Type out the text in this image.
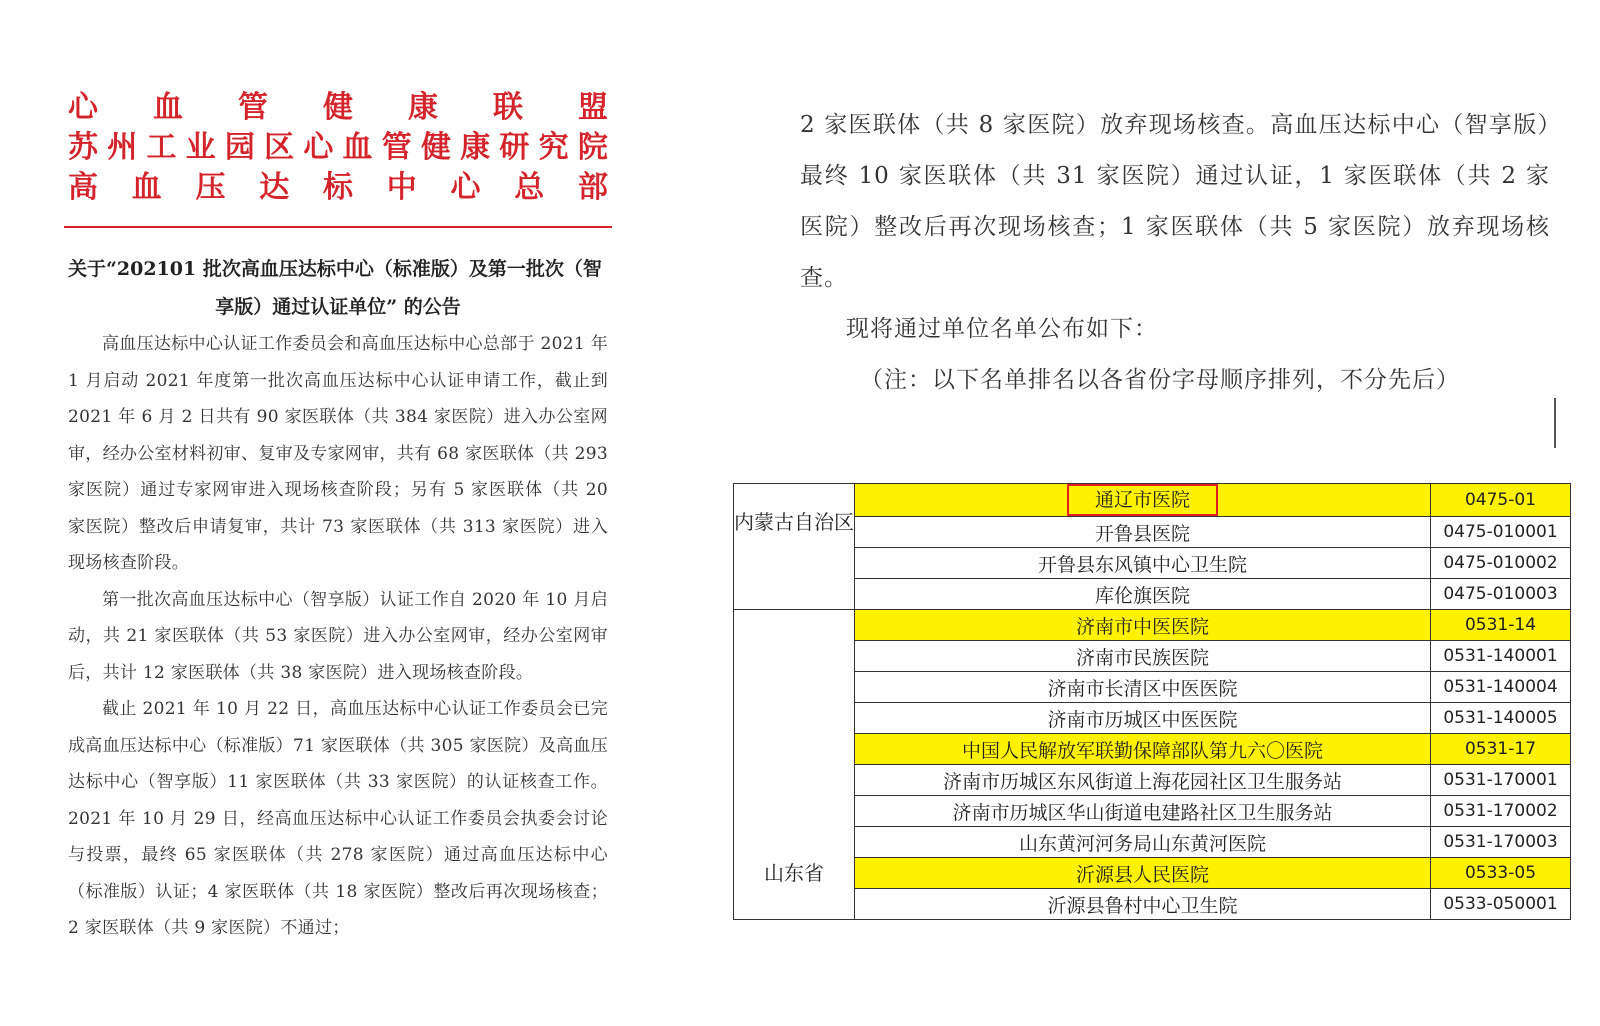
心 血 管 健 康 联 盟
苏 州 工 业 园 区 心 血 管 健 康 研 究 院
高 血 压 达 标 中 心 总 部
关于“202101 批次高血压达标中心（标准版）及第一批次（智
享版）通过认证单位” 的公告

高血压达标中心认证工作委员会和高血压达标中心总部于 2021 年 1 月启动 2021 年度第一批次高血压达标中心认证申请工作，截止到 2021 年 6 月 2 日共有 90 家医联体（共 384 家医院）进入办公室网审，经办公室材料初审、复审及专家网审，共有 68 家医联体（共 293 家医院）通过专家网审进入现场核查阶段；另有 5 家医联体（共 20 家医院）整改后申请复审，共计 73 家医联体（共 313 家医院）进入现场核查阶段。

第一批次高血压达标中心（智享版）认证工作自 2020 年 10 月启动，共 21 家医联体（共 53 家医院）进入办公室网审，经办公室网审后，共计 12 家医联体（共 38 家医院）进入现场核查阶段。

截止 2021 年 10 月 22 日，高血压达标中心认证工作委员会已完成高血压达标中心（标准版）71 家医联体（共 305 家医院）及高血压达标中心（智享版）11 家医联体（共 33 家医院）的认证核查工作。2021 年 10 月 29 日，经高血压达标中心认证工作委员会执委会讨论与投票，最终 65 家医联体（共 278 家医院）通过高血压达标中心（标准版）认证；4 家医联体（共 18 家医院）整改后再次现场核查；2 家医联体（共 9 家医院）不通过；

2 家医联体（共 8 家医院）放弃现场核查。高血压达标中心（智享版）最终 10 家医联体（共 31 家医院）通过认证，1 家医联体（共 2 家医院）整改后再次现场核查；1 家医联体（共 5 家医院）放弃现场核查。

现将通过单位名单公布如下：

（注：以下名单排名以各省份字母顺序排列，不分先后）

内蒙古自治区	通辽市医院	0475-01
	开鲁县医院	0475-010001
	开鲁县东风镇中心卫生院	0475-010002
	库伦旗医院	0475-010003
山东省	济南市中医医院	0531-14
	济南市民族医院	0531-140001
	济南市长清区中医医院	0531-140004
	济南市历城区中医医院	0531-140005
	中国人民解放军联勤保障部队第九六〇医院	0531-17
	济南市历城区东风街道上海花园社区卫生服务站	0531-170001
	济南市历城区华山街道电建路社区卫生服务站	0531-170002
	山东黄河河务局山东黄河医院	0531-170003
	沂源县人民医院	0533-05
	沂源县鲁村中心卫生院	0533-050001
